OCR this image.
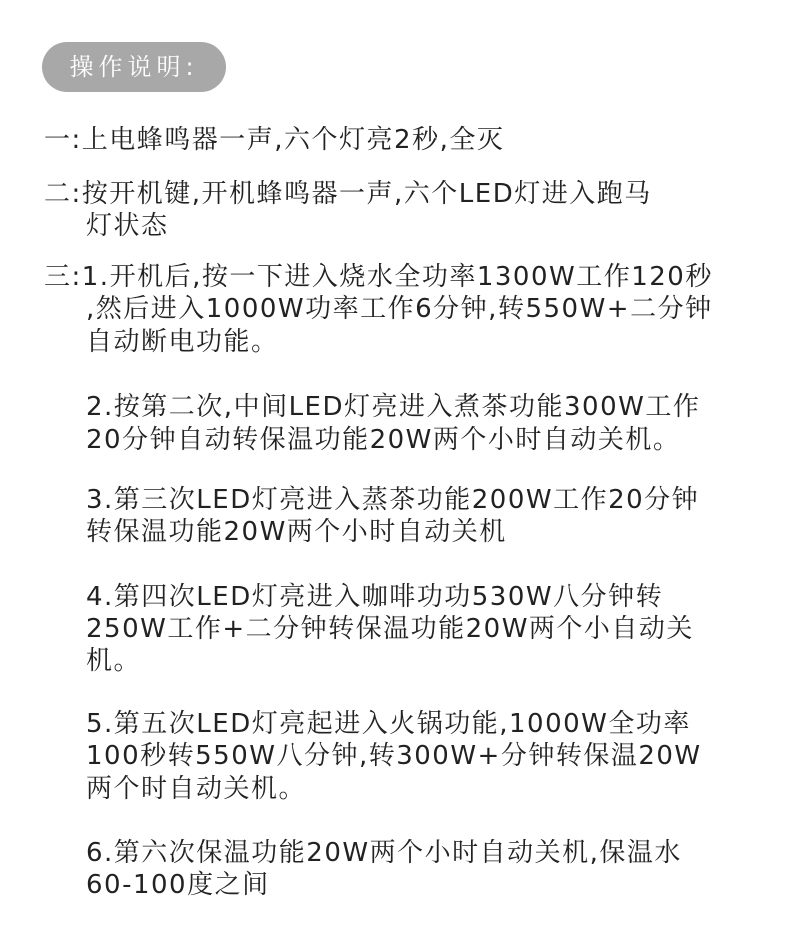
操作说明:
一:上电蜂鸣器一声,六个灯亮2秒,全灭
二:按开机键,开机蜂鸣器一声,六个LED灯进入跑马
灯状态
三:1.开机后,按一下进入烧水全功率1300W工作120秒
,然后进入1000W功率工作6分钟,转550W+二分钟
自动断电功能。
2.按第二次,中间LED灯亮进入煮茶功能300W工作
20分钟自动转保温功能20W两个小时自动关机。
3.第三次LED灯亮进入蒸茶功能200W工作20分钟
转保温功能20W两个小时自动关机
4.第四次LED灯亮进入咖啡功功530W八分钟转
250W工作+二分钟转保温功能20W两个小自动关
机。
5.第五次LED灯亮起进入火锅功能,1000W全功率
100秒转550W八分钟,转300W+分钟转保温20W
两个时自动关机。
6.第六次保温功能20W两个小时自动关机,保温水
60-100度之间
